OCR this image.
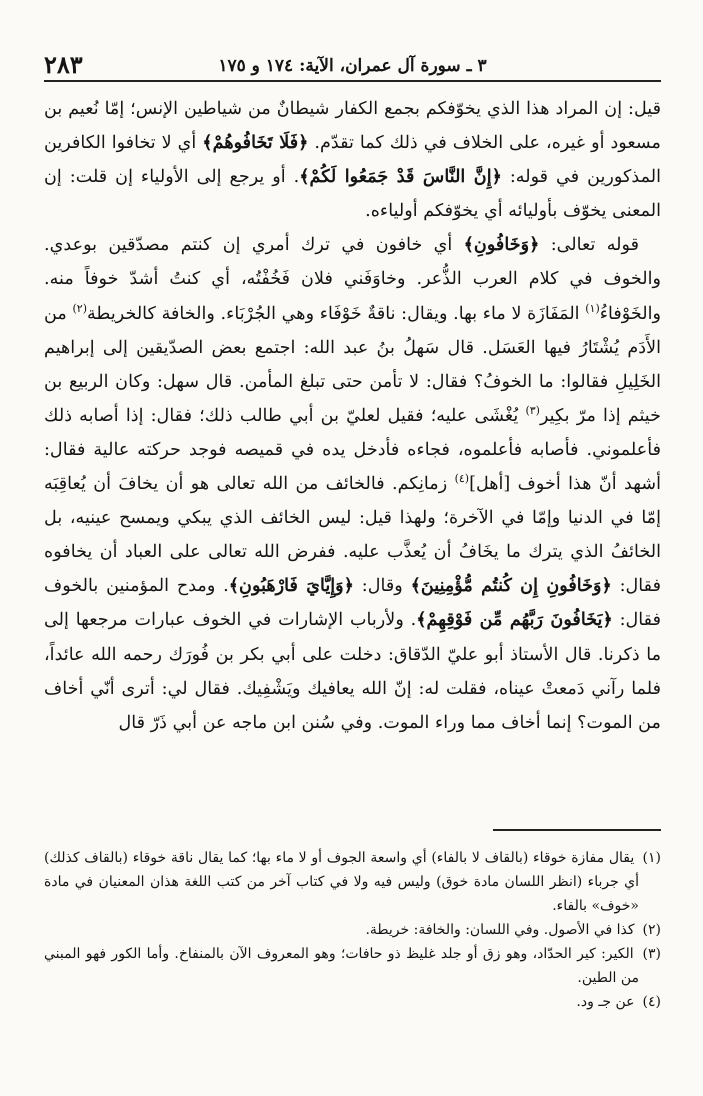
٢٨٣	٣ ـ سورة آل عمران، الآية: ١٧٤ و ١٧٥

قيل: إن المراد هذا الذي يخوّفكم بجمع الكفار شيطانٌ من شياطين الإنس؛ إمّا نُعيم بن مسعود أو غيره، على الخلاف في ذلك كما تقدّم. ﴿فَلَا تَخَافُوهُمْ﴾ أي لا تخافوا الكافرين المذكورين في قوله: ﴿إِنَّ النَّاسَ قَدْ جَمَعُوا لَكُمْ﴾. أو يرجع إلى الأولياء إن قلت: إن المعنى يخوّف بأوليائه أي يخوّفكم أولياءه.

قوله تعالى: ﴿وَخَافُونِ﴾ أي خافون في ترك أمري إن كنتم مصدّقين بوعدي. والخوف في كلام العرب الذُّعر. وخاوَفَني فلان فَخُفْتُه، أي كنتُ أشدّ خوفاً منه. والخَوْفاءُ$^{(١)}$ المَفَازَة لا ماء بها. ويقال: ناقةٌ خَوْفَاء وهي الجُرْبَاء. والخافة كالخريطة$^{(٢)}$ من الأَدَم يُشْتَارُ فيها العَسَل. قال سَهلُ بنُ عبد الله: اجتمع بعض الصدّيقين إلى إبراهيم الخَلِيلِ فقالوا: ما الخوفُ؟ فقال: لا تأمن حتى تبلغ المأمن. قال سهل: وكان الربيع بن خيثم إذا مرّ بكِير$^{(٣)}$ يُغْشَى عليه؛ فقيل لعليّ بن أبي طالب ذلك؛ فقال: إذا أصابه ذلك فأعلموني. فأصابه فأعلموه، فجاءه فأدخل يده في قميصه فوجد حركته عالية فقال: أشهد أنّ هذا أخوف [أهل]$^{(٤)}$ زمانِكم. فالخائف من الله تعالى هو أن يخافَ أن يُعاقِبَه إمّا في الدنيا وإمّا في الآخرة؛ ولهذا قيل: ليس الخائف الذي يبكي ويمسح عينيه، بل الخائفُ الذي يترك ما يخَافُ أن يُعذَّب عليه. ففرض الله تعالى على العباد أن يخافوه فقال: ﴿وَخَافُونِ إِن كُنتُم مُّؤْمِنِينَ﴾ وقال: ﴿وَإِيَّايَ فَارْهَبُونِ﴾. ومدح المؤمنين بالخوف فقال: ﴿يَخَافُونَ رَبَّهُم مِّن فَوْقِهِمْ﴾. ولأرباب الإشارات في الخوف عبارات مرجعها إلى ما ذكرنا. قال الأستاذ أبو عليّ الدّقاق: دخلت على أبي بكر بن فُورَك رحمه الله عائداً، فلما رآني دَمعتْ عيناه، فقلت له: إنّ الله يعافيك ويَشْفِيك. فقال لي: أترى أنّي أخاف من الموت؟ إنما أخاف مما وراء الموت. وفي سُنن ابن ماجه عن أبي ذَرّ قال

(١) يقال مفازة خوقاء (بالقاف لا بالفاء) أي واسعة الجوف أو لا ماء بها؛ كما يقال ناقة خوقاء (بالقاف كذلك) أي جرباء (انظر اللسان مادة خوق) وليس فيه ولا في كتاب آخر من كتب اللغة هذان المعنيان في مادة «خوف» بالفاء.

(٢) كذا في الأصول. وفي اللسان: والخافة: خريطة.

(٣) الكير: كير الحدّاد، وهو زق أو جلد غليظ ذو حافات؛ وهو المعروف الآن بالمنفاخ. وأما الكور فهو المبني من الطين.

(٤) عن جـ ود.
